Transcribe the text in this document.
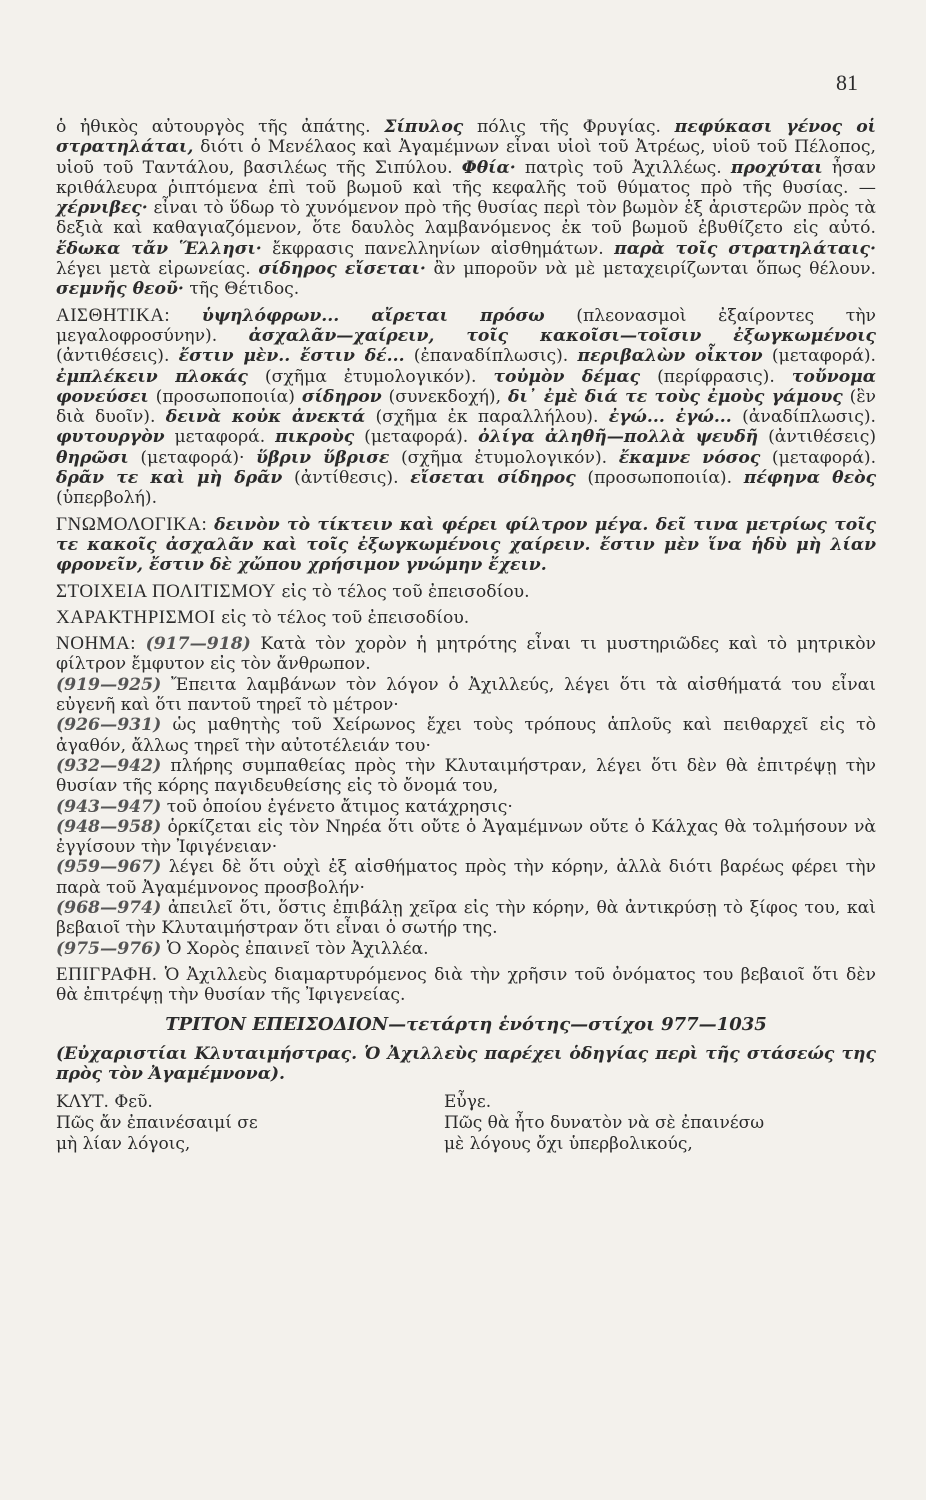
81

ὁ ἠθικὸς αὐτουργὸς τῆς ἀπάτης. Σίπυλος πόλις τῆς Φρυγίας. πεφύκασι γένος οἱ στρατηλάται, διότι ὁ Μενέλαος καὶ Ἀγαμέμνων εἶναι υἱοὶ τοῦ Ἀτρέως, υἱοῦ τοῦ Πέλοπος, υἱοῦ τοῦ Ταντάλου, βασιλέως τῆς Σιπύλου. Φθία· πατρὶς τοῦ Ἀχιλλέως. προχύται ἦσαν κριθάλευρα ῥιπτόμενα ἐπὶ τοῦ βωμοῦ καὶ τῆς κεφαλῆς τοῦ θύματος πρὸ τῆς θυσίας. — χέρνιβες· εἶναι τὸ ὕδωρ τὸ χυνόμενον πρὸ τῆς θυσίας περὶ τὸν βωμὸν ἐξ ἀριστερῶν πρὸς τὰ δεξιὰ καὶ καθαγιαζόμενον, ὅτε δαυλὸς λαμβανόμενος ἐκ τοῦ βωμοῦ ἐβυθίζετο εἰς αὐτό. ἔδωκα τἄν Ἕλλησι· ἔκφρασις πανελληνίων αἰσθημάτων. παρὰ τοῖς στρατηλάταις· λέγει μετὰ εἰρωνείας. σίδηρος εἴσεται· ἂν μποροῦν νὰ μὲ μεταχειρίζωνται ὅπως θέλουν. σεμνῆς θεοῦ· τῆς Θέτιδος.

ΑΙΣΘΗΤΙΚΑ: ὑψηλόφρων... αἴρεται πρόσω (πλεονασμοὶ ἐξαίροντες τὴν μεγαλοφροσύνην). ἀσχαλᾶν—χαίρειν, τοῖς κακοῖσι—τοῖσιν ἐξωγκωμένοις (ἀντιθέσεις). ἔστιν μὲν.. ἔστιν δέ... (ἐπαναδίπλωσις). περιβαλὼν οἶκτον (μεταφορά). ἐμπλέκειν πλοκάς (σχῆμα ἐτυμολογικόν). τοὐμὸν δέμας (περίφρασις). τοὔνομα φονεύσει (προσωποποιία) σίδηρον (συνεκδοχή), δι᾽ ἐμὲ διά τε τοὺς ἐμοὺς γάμους (ἓν διὰ δυοῖν). δεινὰ κοὐκ ἀνεκτά (σχῆμα ἐκ παραλλήλου). ἐγώ... ἐγώ... (ἀναδίπλωσις). φυτουργὸν μεταφορά. πικροὺς (μεταφορά). ὀλίγα ἀληθῆ—πολλὰ ψευδῆ (ἀντιθέσεις) θηρῶσι (μεταφορά)· ὕβριν ὕβρισε (σχῆμα ἐτυμολογικόν). ἔκαμνε νόσος (μεταφορά). δρᾶν τε καὶ μὴ δρᾶν (ἀντίθεσις). εἴσεται σίδηρος (προσωποποιία). πέφηνα θεὸς (ὑπερβολή).

ΓΝΩΜΟΛΟΓΙΚΑ: δεινὸν τὸ τίκτειν καὶ φέρει φίλτρον μέγα. δεῖ τινα μετρίως τοῖς τε κακοῖς ἀσχαλᾶν καὶ τοῖς ἐξωγκωμένοις χαίρειν. ἔστιν μὲν ἵνα ἡδὺ μὴ λίαν φρονεῖν, ἔστιν δὲ χὤπου χρήσιμον γνώμην ἔχειν.

ΣΤΟΙΧΕΙΑ ΠΟΛΙΤΙΣΜΟΥ εἰς τὸ τέλος τοῦ ἐπεισοδίου.

ΧΑΡΑΚΤΗΡΙΣΜΟΙ εἰς τὸ τέλος τοῦ ἐπεισοδίου.

ΝΟΗΜΑ: (917—918) Κατὰ τὸν χορὸν ἡ μητρότης εἶναι τι μυστηριῶδες καὶ τὸ μητρικὸν φίλτρον ἔμφυτον εἰς τὸν ἄνθρωπον.
(919—925) Ἔπειτα λαμβάνων τὸν λόγον ὁ Ἀχιλλεύς, λέγει ὅτι τὰ αἰσθήματά του εἶναι εὐγενῆ καὶ ὅτι παντοῦ τηρεῖ τὸ μέτρον·
(926—931) ὡς μαθητὴς τοῦ Χείρωνος ἔχει τοὺς τρόπους ἁπλοῦς καὶ πειθαρχεῖ εἰς τὸ ἀγαθόν, ἄλλως τηρεῖ τὴν αὐτοτέλειάν του·
(932—942) πλήρης συμπαθείας πρὸς τὴν Κλυταιμήστραν, λέγει ὅτι δὲν θὰ ἐπιτρέψῃ τὴν θυσίαν τῆς κόρης παγιδευθείσης εἰς τὸ ὄνομά του,
(943—947) τοῦ ὁποίου ἐγένετο ἄτιμος κατάχρησις·
(948—958) ὁρκίζεται εἰς τὸν Νηρέα ὅτι οὔτε ὁ Ἀγαμέμνων οὔτε ὁ Κάλχας θὰ τολμήσουν νὰ ἐγγίσουν τὴν Ἰφιγένειαν·
(959—967) λέγει δὲ ὅτι οὐχὶ ἐξ αἰσθήματος πρὸς τὴν κόρην, ἀλλὰ διότι βαρέως φέρει τὴν παρὰ τοῦ Ἀγαμέμνονος προσβολήν·
(968—974) ἀπειλεῖ ὅτι, ὅστις ἐπιβάλῃ χεῖρα εἰς τὴν κόρην, θὰ ἀντικρύσῃ τὸ ξίφος του, καὶ βεβαιοῖ τὴν Κλυταιμήστραν ὅτι εἶναι ὁ σωτήρ της.
(975—976) Ὁ Χορὸς ἐπαινεῖ τὸν Ἀχιλλέα.

ΕΠΙΓΡΑΦΗ. Ὁ Ἀχιλλεὺς διαμαρτυρόμενος διὰ τὴν χρῆσιν τοῦ ὀνόματος του βεβαιοῖ ὅτι δὲν θὰ ἐπιτρέψῃ τὴν θυσίαν τῆς Ἰφιγενείας.

ΤΡΙΤΟΝ ΕΠΕΙΣΟΔΙΟΝ—τετάρτη ἑνότης—στίχοι 977—1035

(Εὐχαριστίαι Κλυταιμήστρας. Ὁ Ἀχιλλεὺς παρέχει ὁδηγίας περὶ τῆς στάσεώς της πρὸς τὸν Ἀγαμέμνονα).

ΚΛΥΤ. Φεῦ.
Πῶς ἄν ἐπαινέσαιμί σε
μὴ λίαν λόγοις,
Εὖγε.
Πῶς θὰ ἦτο δυνατὸν νὰ σὲ ἐπαινέσω
μὲ λόγους ὄχι ὑπερβολικούς,
